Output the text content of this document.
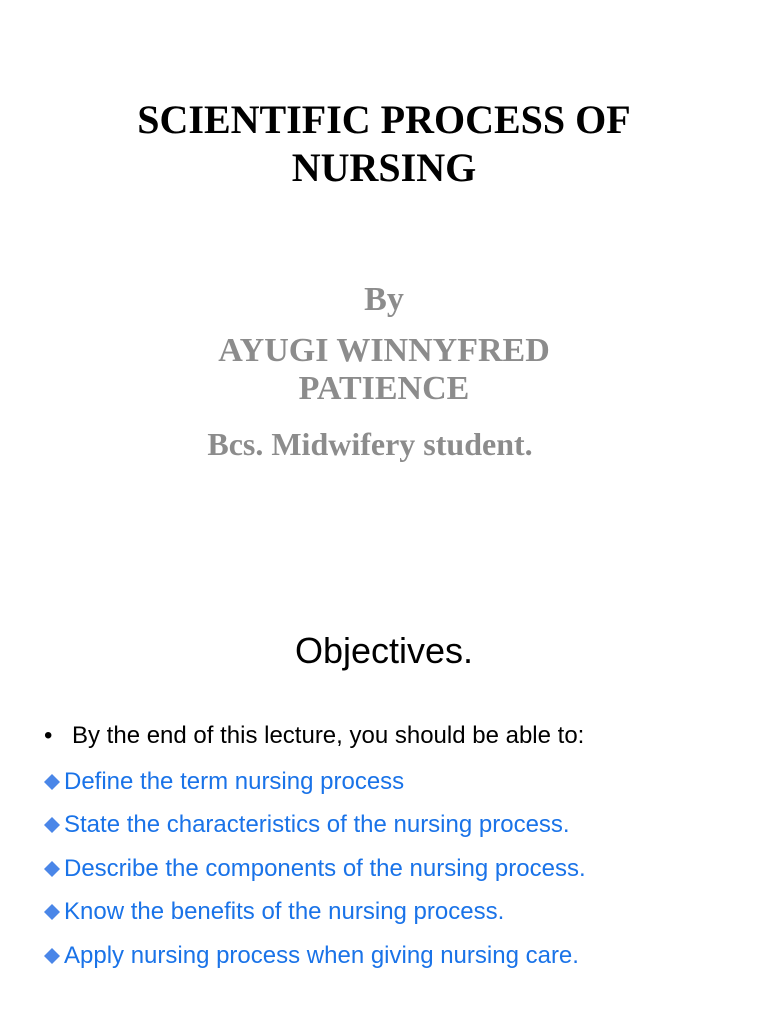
SCIENTIFIC PROCESS OF
NURSING
By
AYUGI WINNYFRED
PATIENCE
Bcs. Midwifery student.
Objectives.
• By the end of this lecture, you should be able to:
Define the term nursing process
State the characteristics of the nursing process.
Describe the components of the nursing process.
Know the benefits of the nursing process.
Apply nursing process when giving nursing care.
